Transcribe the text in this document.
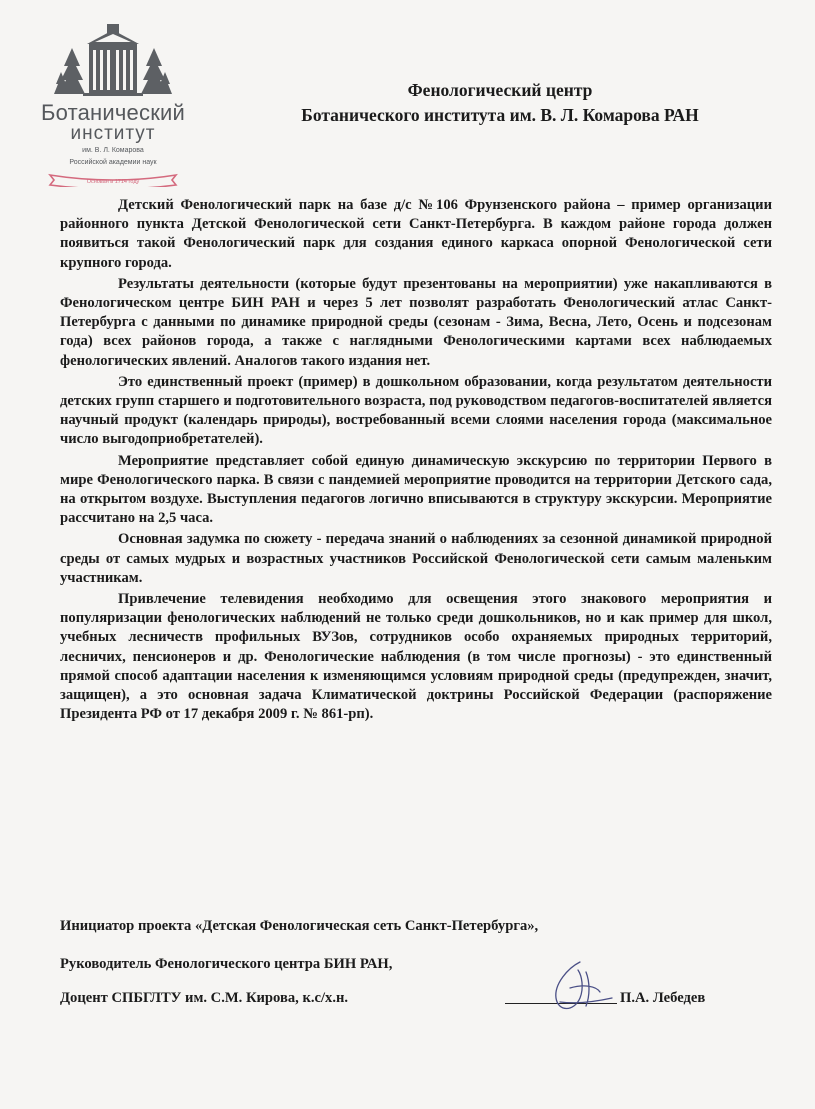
Ботанический
институт
им. В. Л. Комарова
Российской академии наук
Основан в 1714 году
Фенологический центр
Ботанического института им. В. Л. Комарова РАН

Детский Фенологический парк на базе д/с №106 Фрунзенского района – пример организации районного пункта Детской Фенологической сети Санкт-Петербурга. В каждом районе города должен появиться такой Фенологический парк для создания единого каркаса опорной Фенологической сети крупного города.

Результаты деятельности (которые будут презентованы на мероприятии) уже накапливаются в Фенологическом центре БИН РАН и через 5 лет позволят разработать Фенологический атлас Санкт-Петербурга с данными по динамике природной среды (сезонам - Зима, Весна, Лето, Осень и подсезонам года) всех районов города, а также с наглядными Фенологическими картами всех наблюдаемых фенологических явлений. Аналогов такого издания нет.

Это единственный проект (пример) в дошкольном образовании, когда результатом деятельности детских групп старшего и подготовительного возраста, под руководством педагогов-воспитателей является научный продукт (календарь природы), востребованный всеми слоями населения города (максимальное число выгодоприобретателей).

Мероприятие представляет собой единую динамическую экскурсию по территории Первого в мире Фенологического парка. В связи с пандемией мероприятие проводится на территории Детского сада, на открытом воздухе. Выступления педагогов логично вписываются в структуру экскурсии. Мероприятие рассчитано на 2,5 часа.

Основная задумка по сюжету - передача знаний о наблюдениях за сезонной динамикой природной среды от самых мудрых и возрастных участников Российской Фенологической сети самым маленьким участникам.

Привлечение телевидения необходимо для освещения этого знакового мероприятия и популяризации фенологических наблюдений не только среди дошкольников, но и как пример для школ, учебных лесничеств профильных ВУЗов, сотрудников особо охраняемых природных территорий, лесничих, пенсионеров и др. Фенологические наблюдения (в том числе прогнозы) - это единственный прямой способ адаптации населения к изменяющимся условиям природной среды (предупрежден, значит, защищен), а это основная задача Климатической доктрины Российской Федерации (распоряжение Президента РФ от 17 декабря 2009 г. № 861-рп).

Инициатор проекта «Детская Фенологическая сеть Санкт-Петербурга»,
Руководитель Фенологического центра БИН РАН,
Доцент СПБГЛТУ им. С.М. Кирова, к.с/х.н.	П.А. Лебедев
